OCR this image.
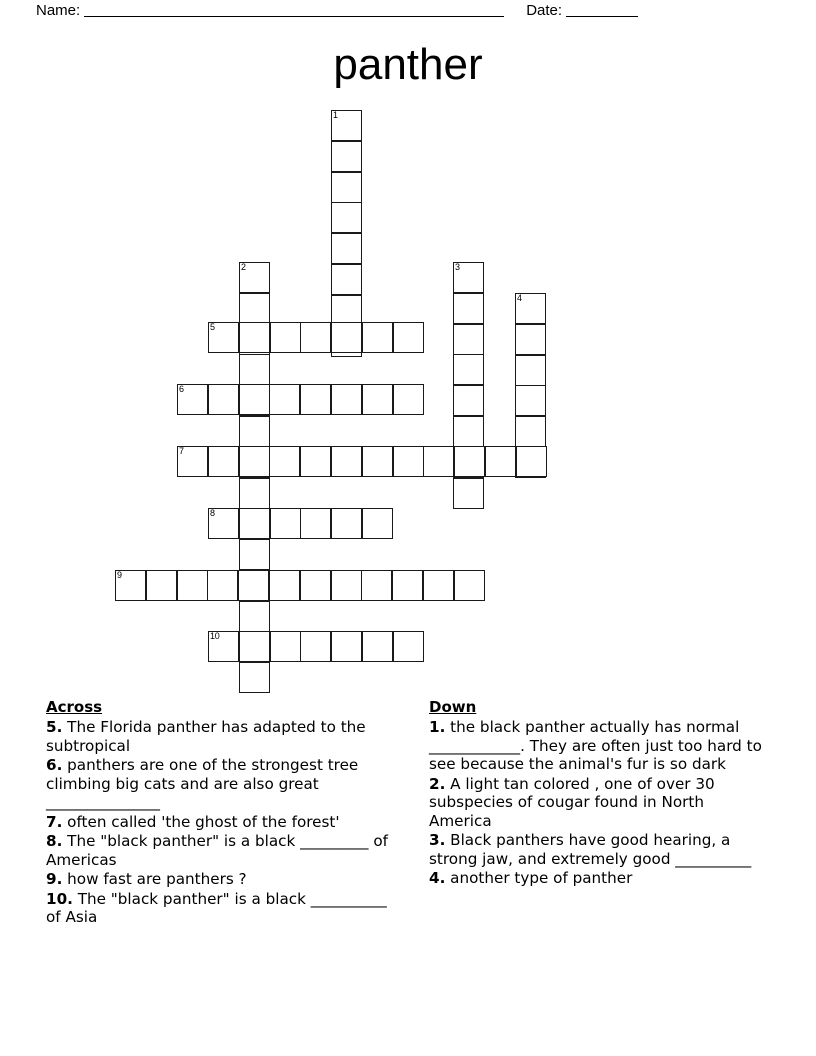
Name:	Date:
panther
1
2	3
4
5
6
7
8
9
10
Across

5. The Florida panther has adapted to the subtropical

6. panthers are one of the strongest tree climbing big cats and are also great _______________

7. often called 'the ghost of the forest'

8. The "black panther" is a black _________ of Americas

9. how fast are panthers ?

10. The "black panther" is a black __________ of Asia

Down

1. the black panther actually has normal ____________. They are often just too hard to see because the animal's fur is so dark

2. A light tan colored , one of over 30 subspecies of cougar found in North America

3. Black panthers have good hearing, a strong jaw, and extremely good __________

4. another type of panther
